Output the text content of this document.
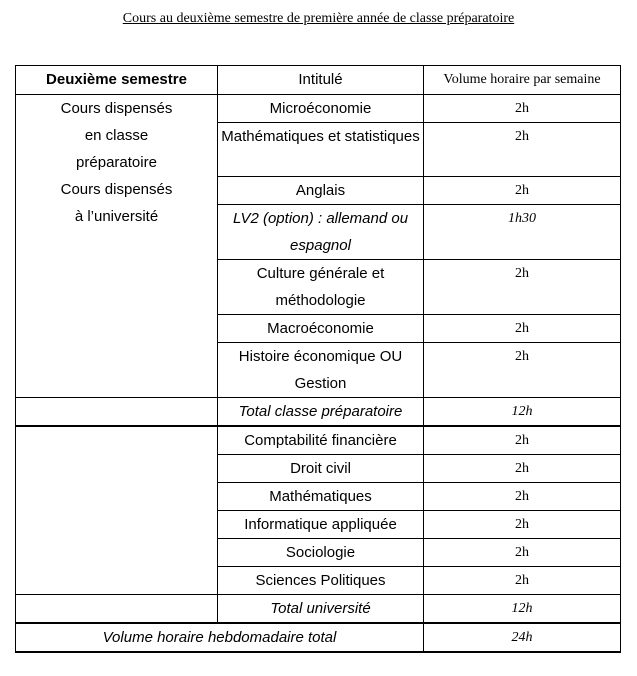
Cours au deuxième semestre de première année de classe préparatoire
Deuxième semestre	Intitulé	Volume horaire par semaine

Cours dispensés
en classe
préparatoire
Cours dispensés
à l’université	Microéconomie	2h
	Mathématiques et statistiques	2h
	Anglais	2h
	LV2 (option) : allemand ou espagnol	1h30
	Culture générale et méthodologie	2h
	Macroéconomie	2h
	Histoire économique OU Gestion	2h
	Total classe préparatoire	12h
	Comptabilité financière	2h
	Droit civil	2h
	Mathématiques	2h
	Informatique appliquée	2h
	Sociologie	2h
	Sciences Politiques	2h
	Total université	12h
Volume horaire hebdomadaire total		24h
